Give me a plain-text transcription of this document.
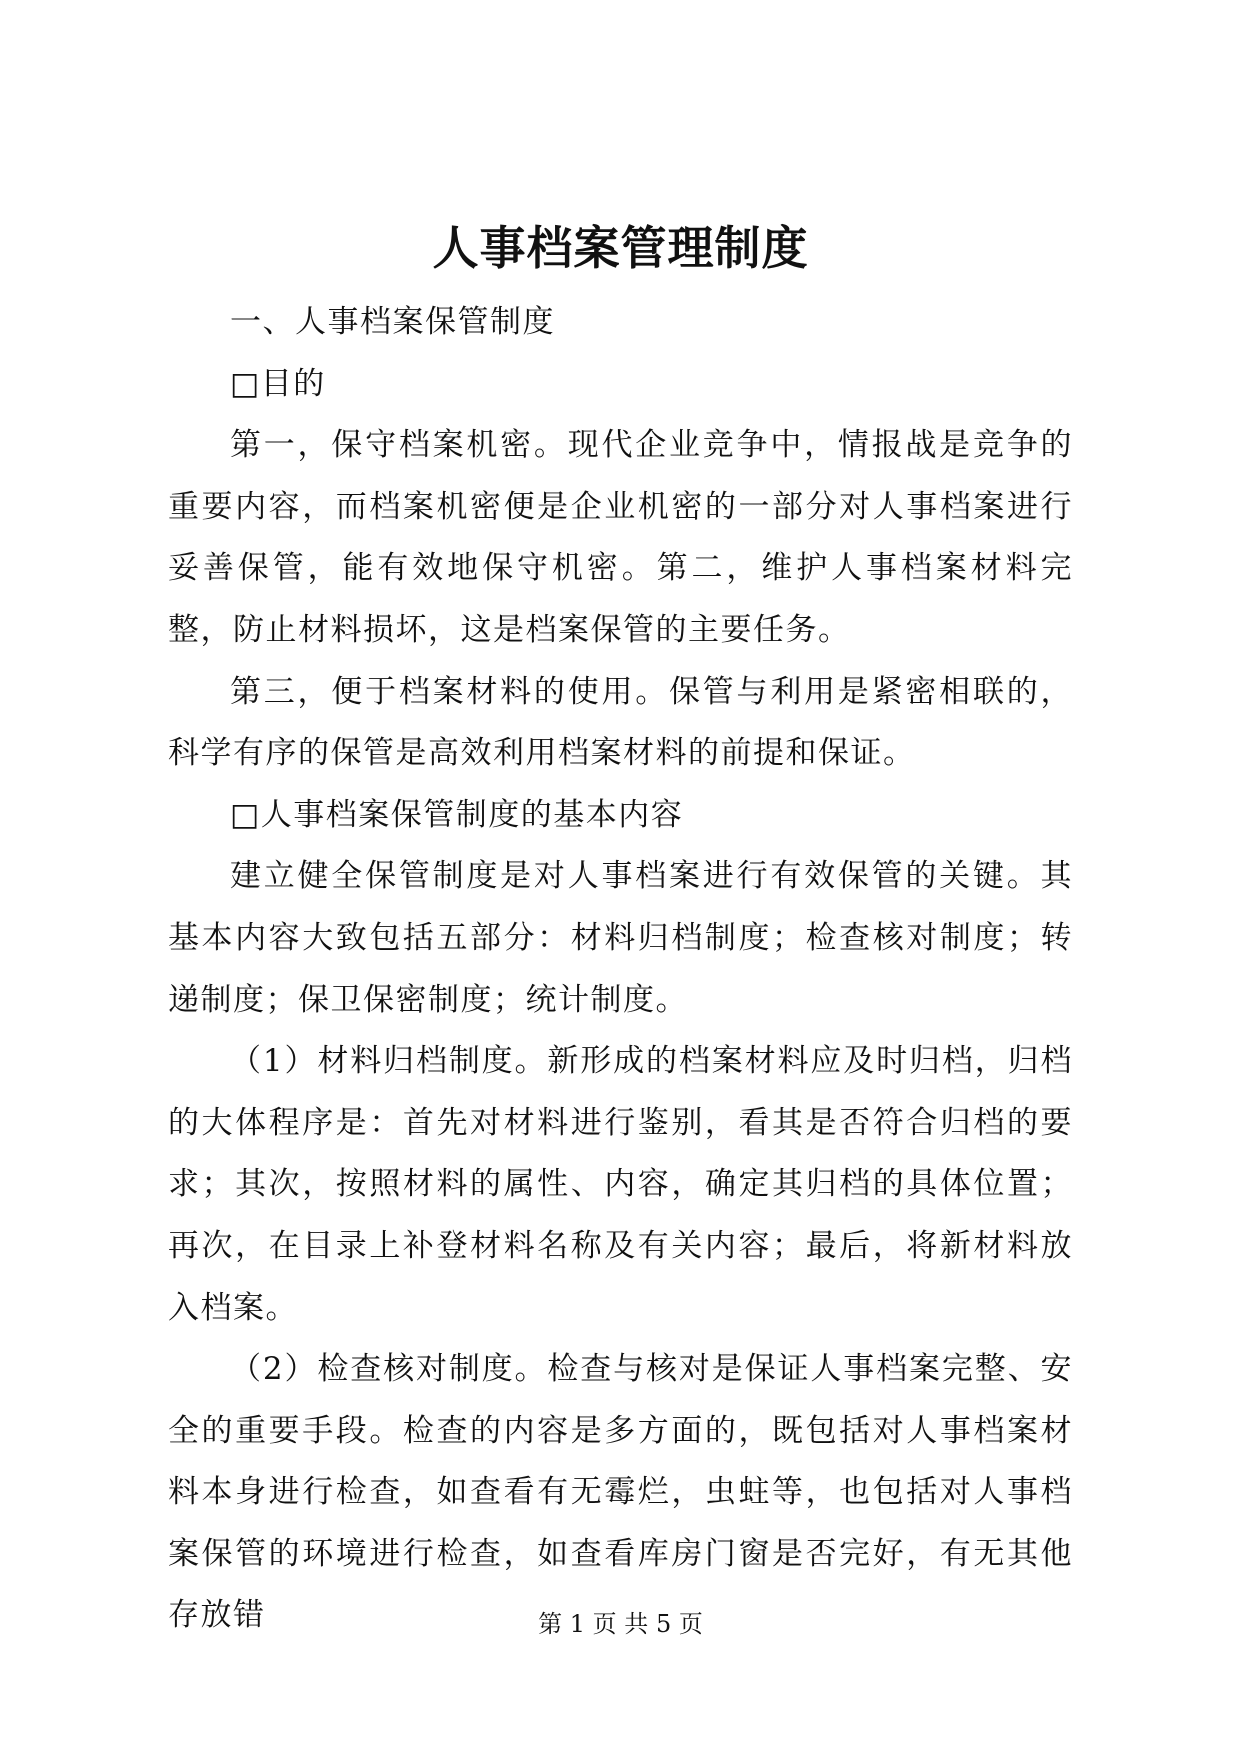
人事档案管理制度

一、人事档案保管制度

□目的

第一，保守档案机密。现代企业竞争中，情报战是竞争的重要内容，而档案机密便是企业机密的一部分对人事档案进行妥善保管，能有效地保守机密。第二，维护人事档案材料完整，防止材料损坏，这是档案保管的主要任务。

第三，便于档案材料的使用。保管与利用是紧密相联的，科学有序的保管是高效利用档案材料的前提和保证。

□人事档案保管制度的基本内容

建立健全保管制度是对人事档案进行有效保管的关键。其基本内容大致包括五部分：材料归档制度；检查核对制度；转递制度；保卫保密制度；统计制度。

（1）材料归档制度。新形成的档案材料应及时归档，归档的大体程序是：首先对材料进行鉴别，看其是否符合归档的要求；其次，按照材料的属性、内容，确定其归档的具体位置；再次，在目录上补登材料名称及有关内容；最后，将新材料放入档案。

（2）检查核对制度。检查与核对是保证人事档案完整、安全的重要手段。检查的内容是多方面的，既包括对人事档案材料本身进行检查，如查看有无霉烂，虫蛀等，也包括对人事档案保管的环境进行检查，如查看库房门窗是否完好，有无其他存放错	第 1 页 共 5 页
